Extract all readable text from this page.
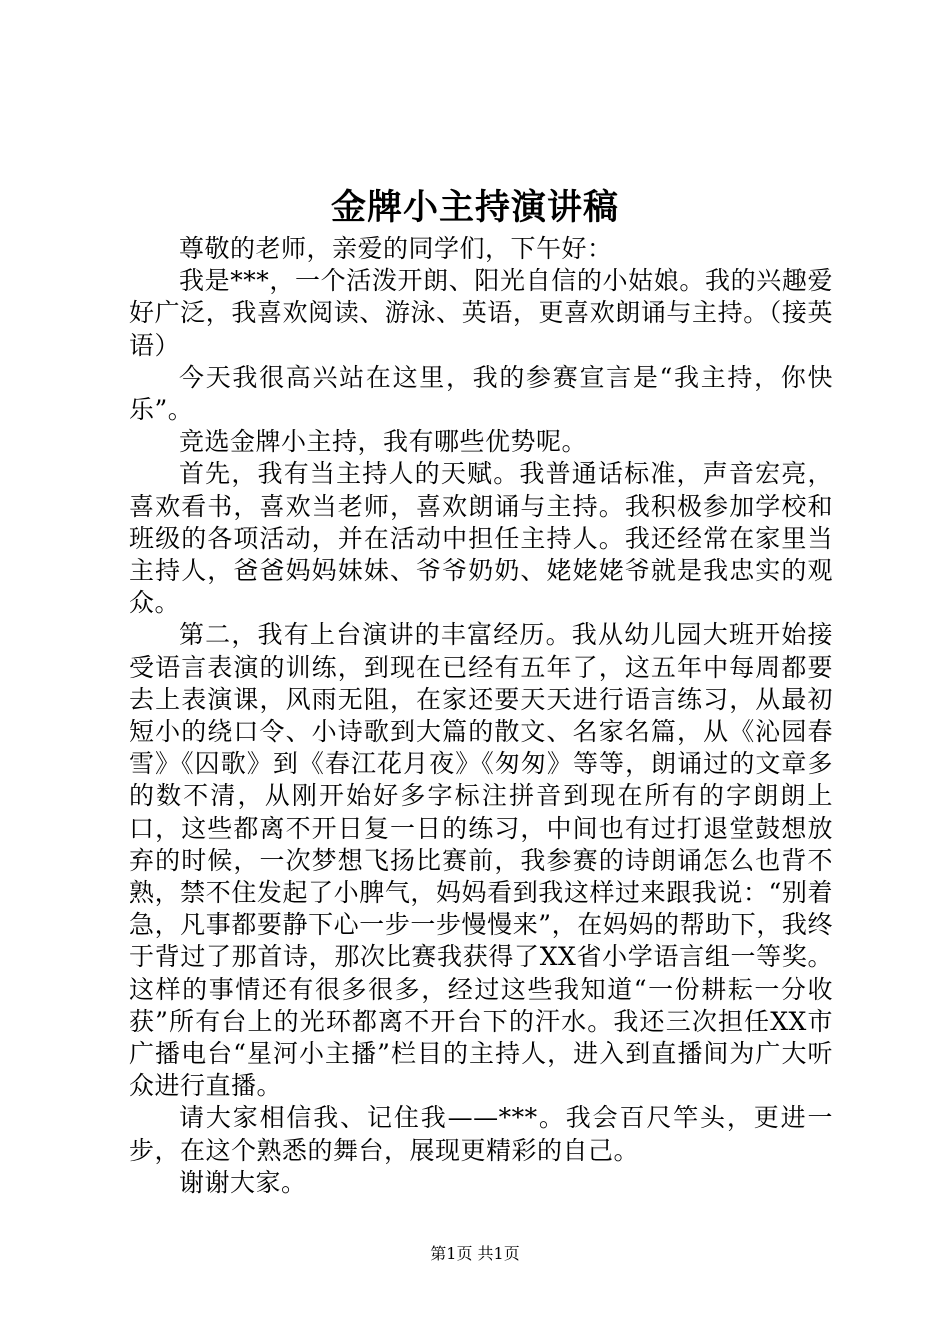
金牌小主持演讲稿

尊敬的老师，亲爱的同学们，下午好：

我是***，一个活泼开朗、阳光自信的小姑娘。我的兴趣爱好广泛，我喜欢阅读、游泳、英语，更喜欢朗诵与主持。（接英语）

今天我很高兴站在这里，我的参赛宣言是“我主持，你快乐”。

竞选金牌小主持，我有哪些优势呢。

首先，我有当主持人的天赋。我普通话标准，声音宏亮，喜欢看书，喜欢当老师，喜欢朗诵与主持。我积极参加学校和班级的各项活动，并在活动中担任主持人。我还经常在家里当主持人，爸爸妈妈妹妹、爷爷奶奶、姥姥姥爷就是我忠实的观众。

第二，我有上台演讲的丰富经历。我从幼儿园大班开始接受语言表演的训练，到现在已经有五年了，这五年中每周都要去上表演课，风雨无阻，在家还要天天进行语言练习，从最初短小的绕口令、小诗歌到大篇的散文、名家名篇，从《沁园春雪》《囚歌》到《春江花月夜》《匆匆》等等，朗诵过的文章多的数不清，从刚开始好多字标注拼音到现在所有的字朗朗上口，这些都离不开日复一日的练习，中间也有过打退堂鼓想放弃的时候，一次梦想飞扬比赛前，我参赛的诗朗诵怎么也背不熟，禁不住发起了小脾气，妈妈看到我这样过来跟我说：“别着急，凡事都要静下心一步一步慢慢来”，在妈妈的帮助下，我终于背过了那首诗，那次比赛我获得了XX省小学语言组一等奖。这样的事情还有很多很多，经过这些我知道“一份耕耘一分收获”所有台上的光环都离不开台下的汗水。我还三次担任XX市广播电台“星河小主播”栏目的主持人，进入到直播间为广大听众进行直播。

请大家相信我、记住我——***。我会百尺竿头，更进一步，在这个熟悉的舞台，展现更精彩的自己。

谢谢大家。

第1页 共1页
